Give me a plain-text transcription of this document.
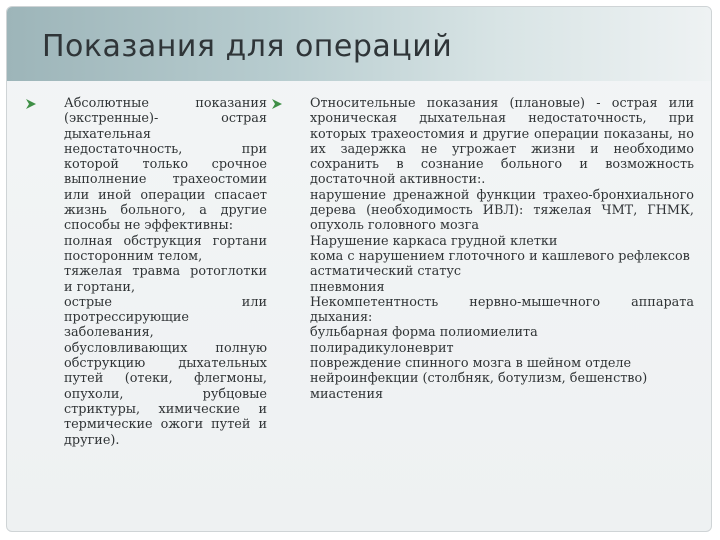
Показания для операций

Абсолютные показания (экстренные)- острая дыхательная недостаточность, при которой только срочное выполнение трахеостомии или иной операции спасает жизнь больного, а другие способы не эффективны:
полная обструкция гортани посторонним телом,
тяжелая травма ротоглотки и гортани,
острые или протрессирующие заболевания, обусловливающих полную обструкцию дыхательных путей (отеки, флегмоны, опухоли, рубцовые стриктуры, химические и термические ожоги путей и другие).

Относительные показания (плановые) - острая или хроническая дыхательная недостаточность, при которых трахеостомия и другие операции показаны, но их задержка не угрожает жизни и необходимо сохранить в сознание больного и возможность достаточной активности:.
нарушение дренажной функции трахео-бронхиального дерева (необходимость ИВЛ): тяжелая ЧМТ, ГНМК, опухоль головного мозга
Нарушение каркаса грудной клетки
кома с нарушением глоточного и кашлевого рефлексов
астматический статус
пневмония
Некомпетентность нервно-мышечного аппарата дыхания:
бульбарная форма полиомиелита
полирадикулоневрит
повреждение спинного мозга в шейном отделе
нейроинфекции (столбняк, ботулизм, бешенство)
миастения
